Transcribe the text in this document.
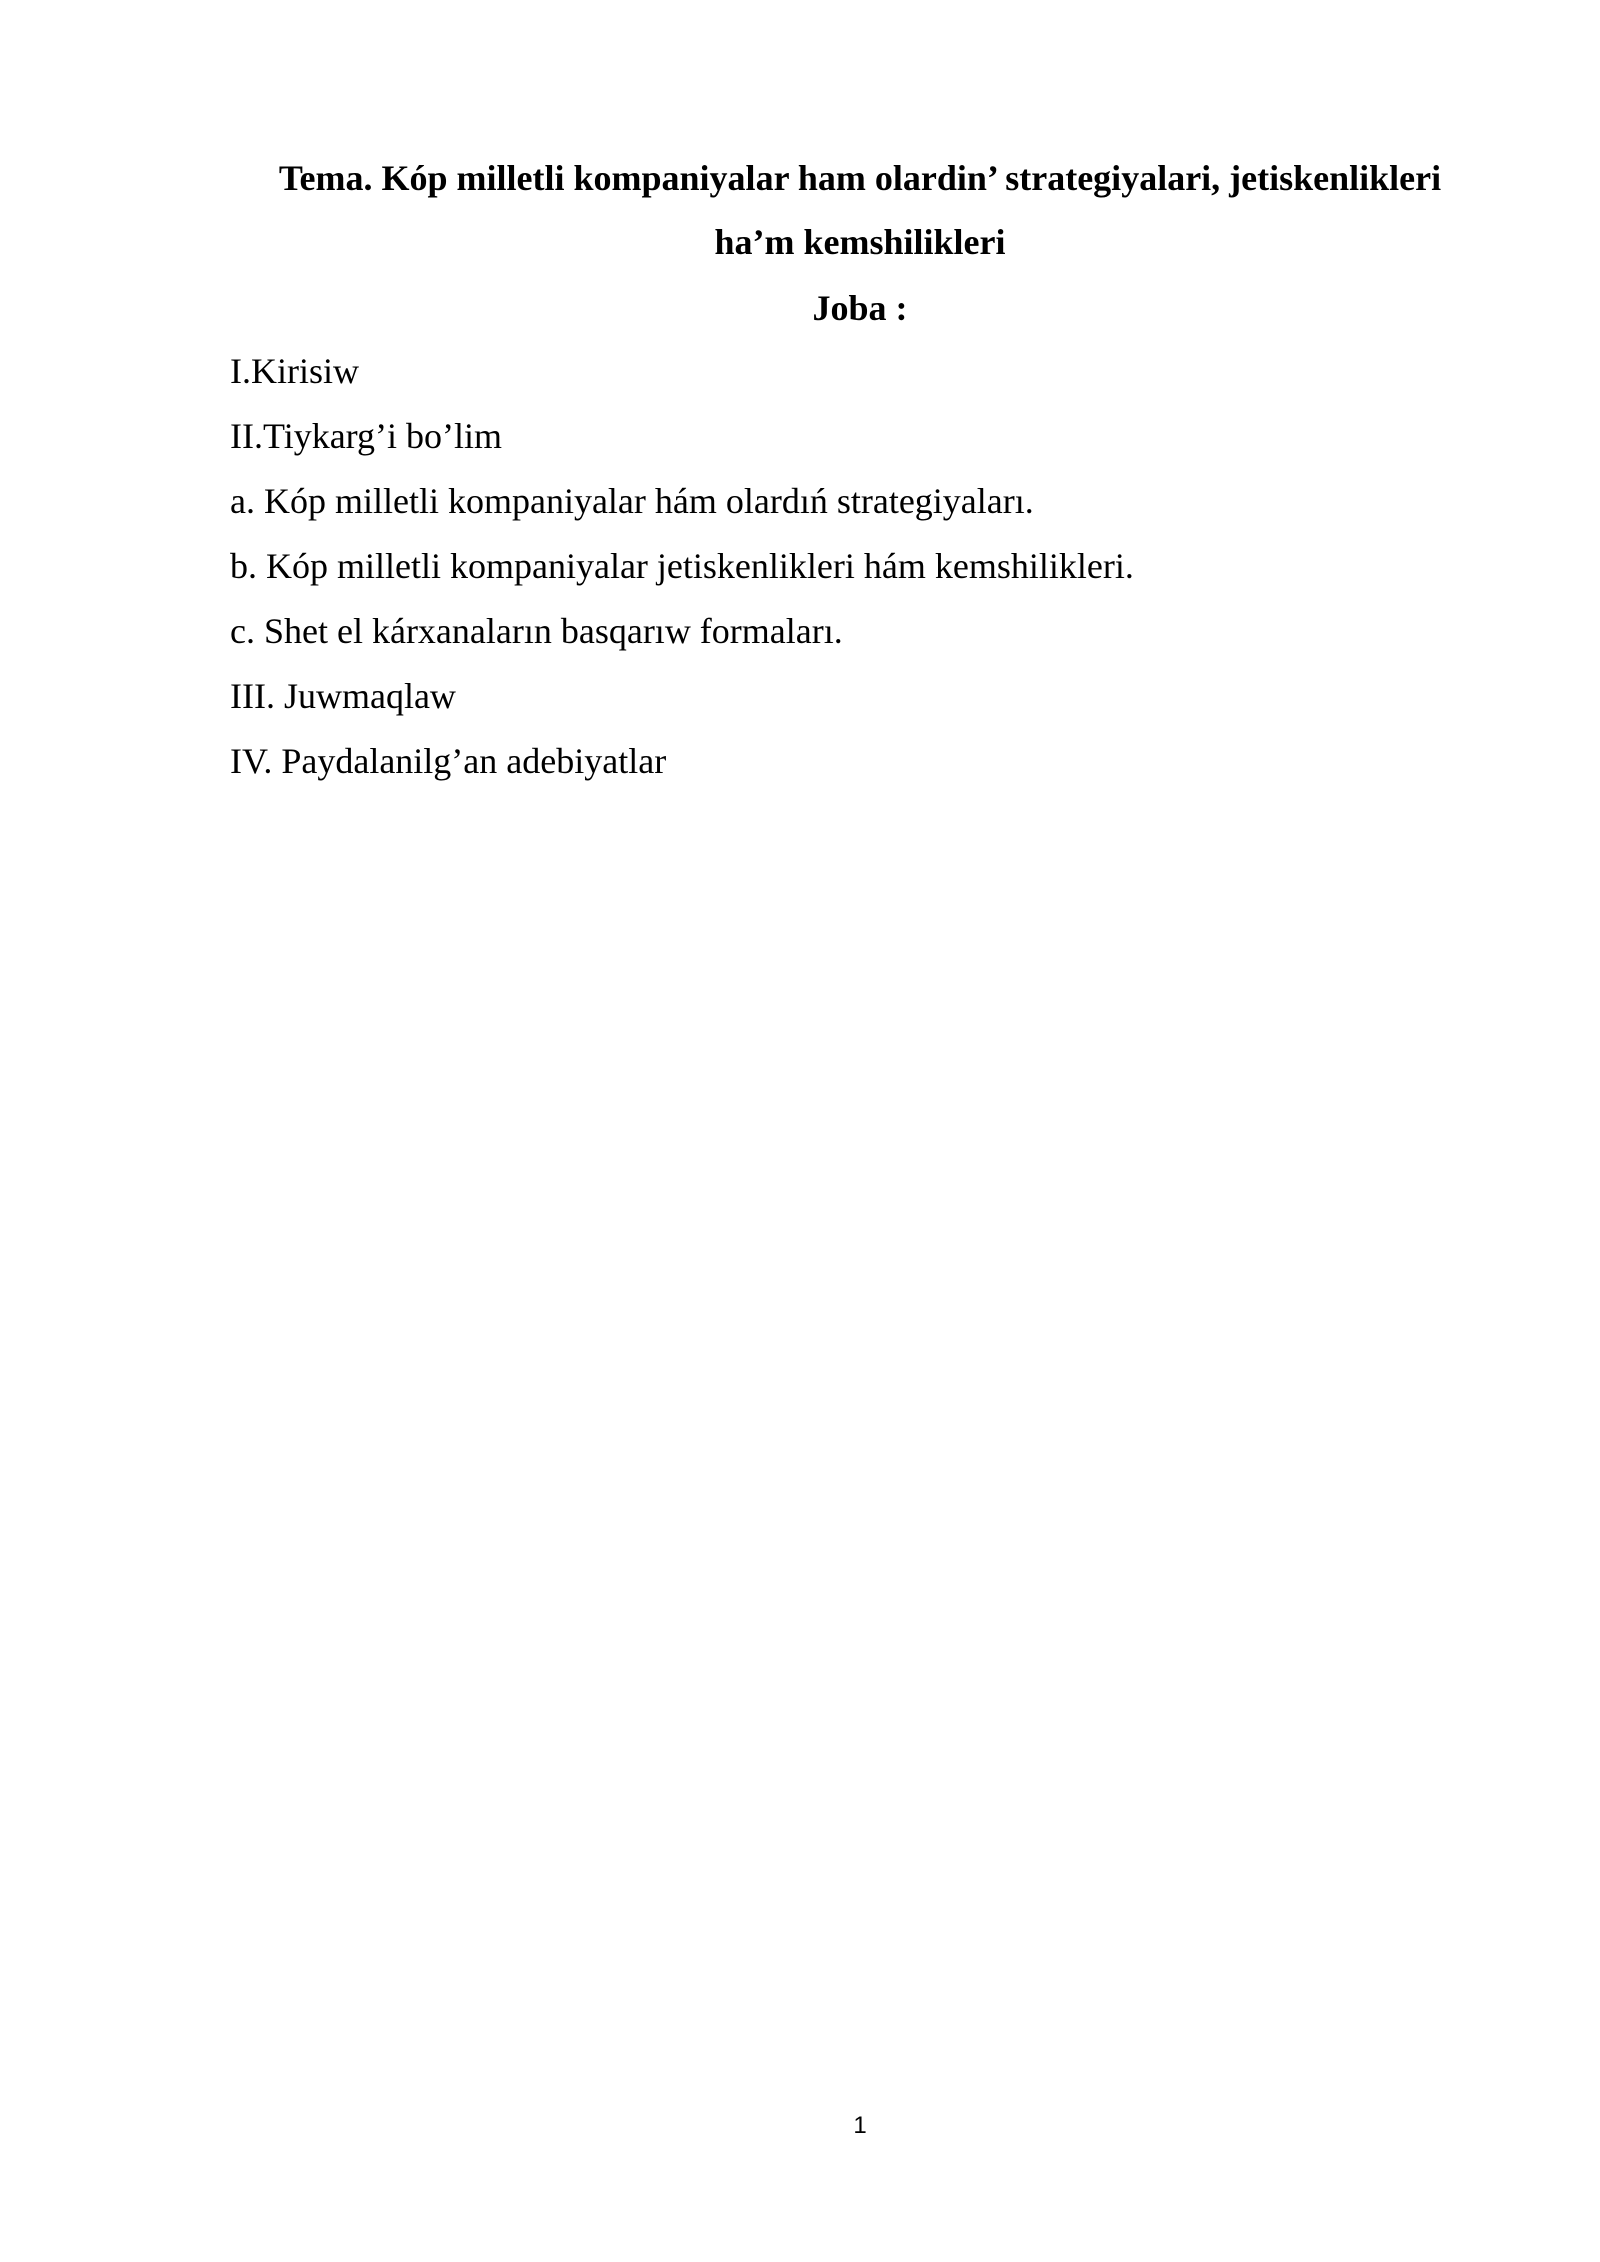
Tema. Kóp milletli kompaniyalar ham olardin’ strategiyalari, jetiskenlikleri
ha’m kemshilikleri
Joba :
I.Kirisiw
II.Tiykarg’i bo’lim
a. Kóp milletli kompaniyalar hám olardıń strategiyaları.
b. Kóp milletli kompaniyalar jetiskenlikleri hám kemshilikleri.
c. Shet el kárxanaların basqarıw formaları.
III. Juwmaqlaw
IV. Paydalanilg’an adebiyatlar
1
